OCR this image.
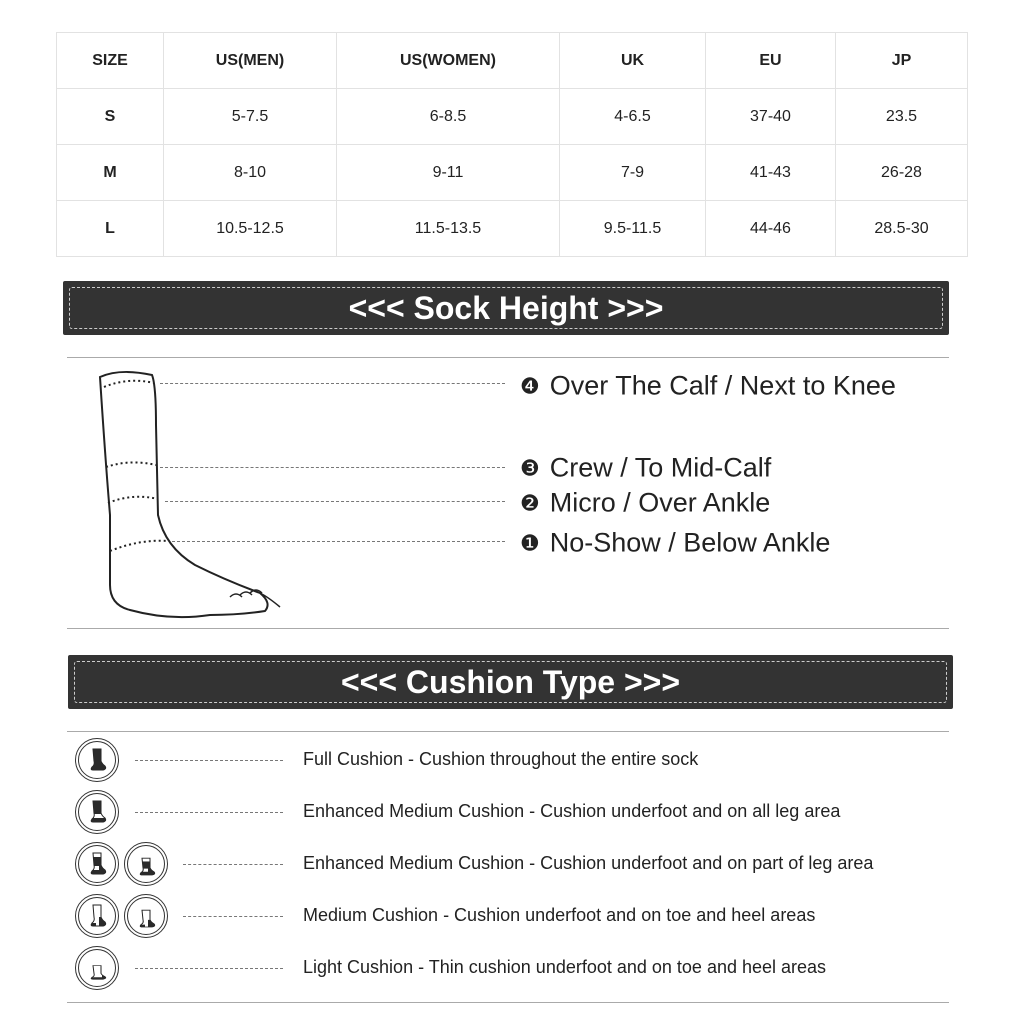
SIZE	US(MEN)	US(WOMEN)	UK	EU	JP
S	5-7.5	6-8.5	4-6.5	37-40	23.5
M	8-10	9-11	7-9	41-43	26-28
L	10.5-12.5	11.5-13.5	9.5-11.5	44-46	28.5-30
<<< Sock Height >>>
❹ Over The Calf / Next to Knee
❸ Crew / To Mid-Calf
❷ Micro / Over Ankle
❶ No-Show / Below Ankle
<<< Cushion Type >>>
Full Cushion - Cushion throughout the entire sock
Enhanced Medium Cushion - Cushion underfoot and on all leg area
Enhanced Medium Cushion - Cushion underfoot and on part of leg area
Medium Cushion - Cushion underfoot and on toe and heel areas
Light Cushion - Thin cushion underfoot and on toe and heel areas
